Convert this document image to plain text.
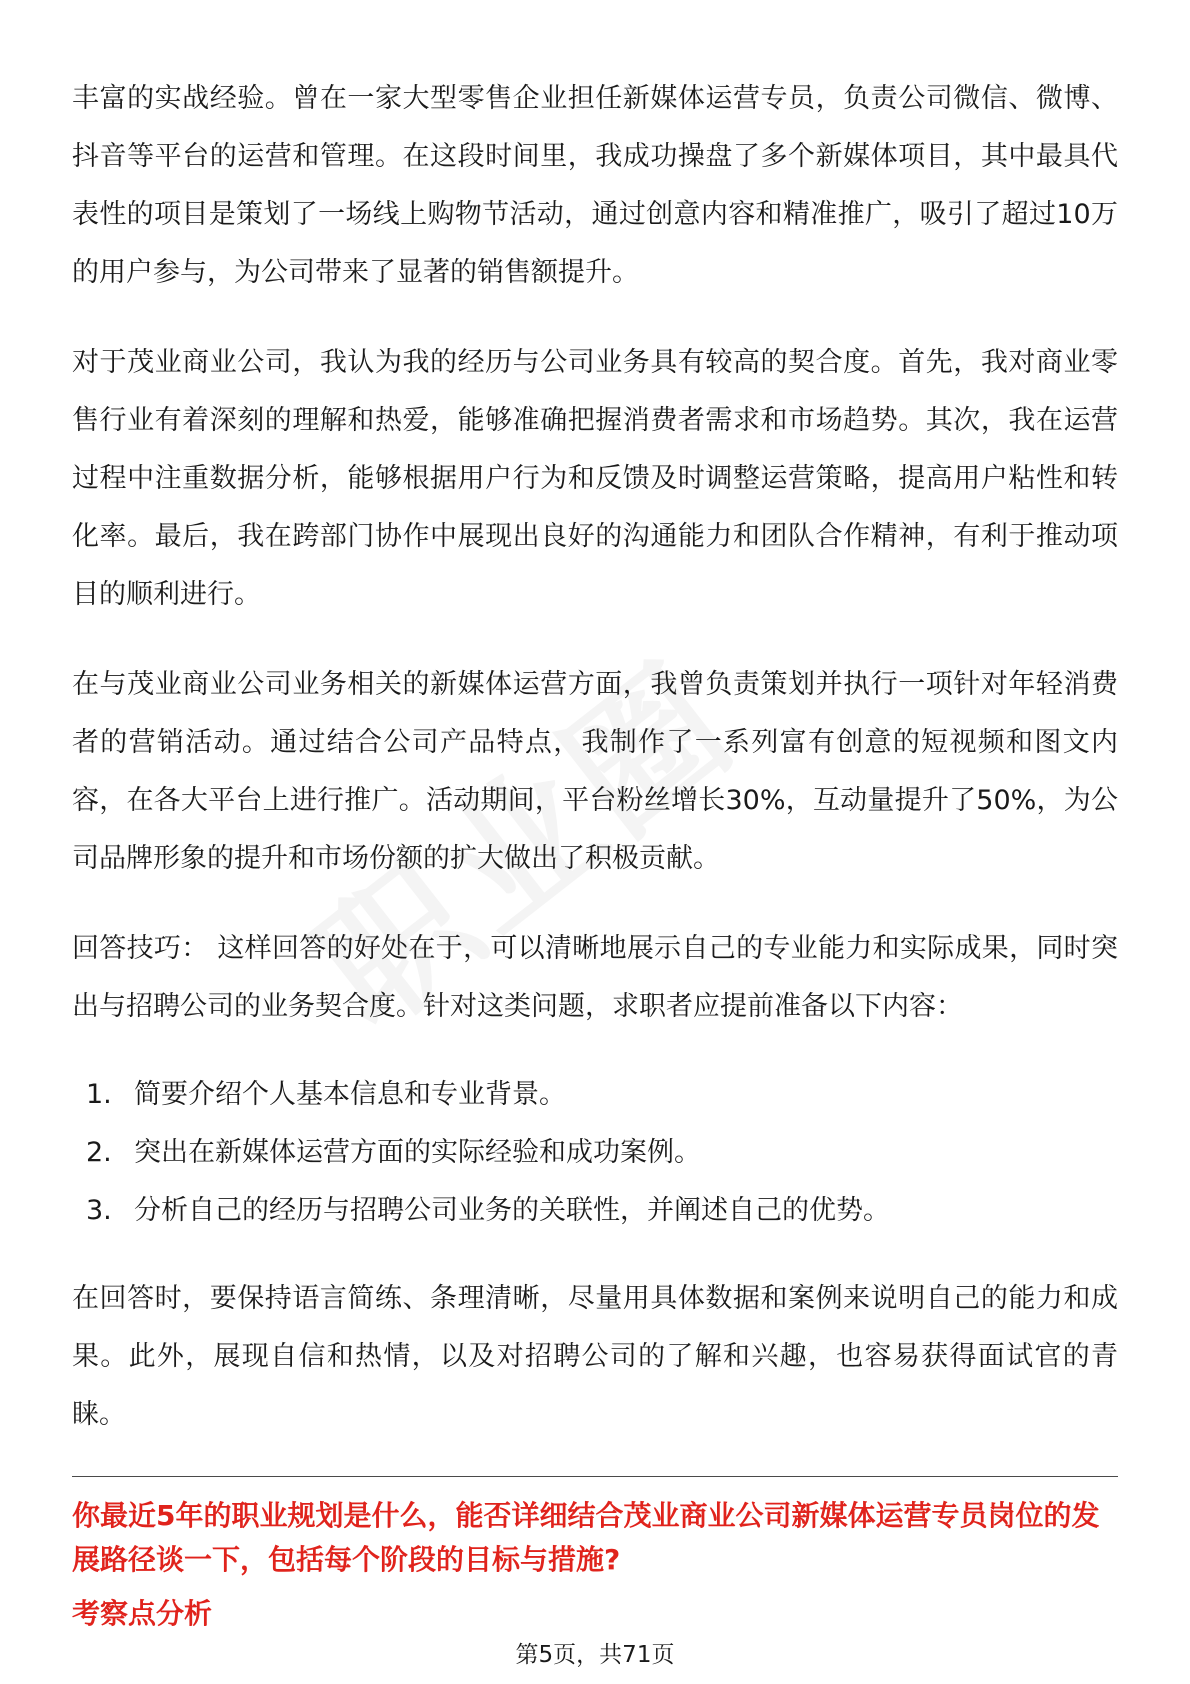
丰富的实战经验。曾在一家大型零售企业担任新媒体运营专员，负责公司微信、微博、抖音等平台的运营和管理。在这段时间里，我成功操盘了多个新媒体项目，其中最具代表性的项目是策划了一场线上购物节活动，通过创意内容和精准推广，吸引了超过10万的用户参与，为公司带来了显著的销售额提升。

对于茂业商业公司，我认为我的经历与公司业务具有较高的契合度。首先，我对商业零售行业有着深刻的理解和热爱，能够准确把握消费者需求和市场趋势。其次，我在运营过程中注重数据分析，能够根据用户行为和反馈及时调整运营策略，提高用户粘性和转化率。最后，我在跨部门协作中展现出良好的沟通能力和团队合作精神，有利于推动项目的顺利进行。

在与茂业商业公司业务相关的新媒体运营方面，我曾负责策划并执行一项针对年轻消费者的营销活动。通过结合公司产品特点，我制作了一系列富有创意的短视频和图文内容，在各大平台上进行推广。活动期间，平台粉丝增长30%，互动量提升了50%，为公司品牌形象的提升和市场份额的扩大做出了积极贡献。

回答技巧： 这样回答的好处在于，可以清晰地展示自己的专业能力和实际成果，同时突出与招聘公司的业务契合度。针对这类问题，求职者应提前准备以下内容：

1. 简要介绍个人基本信息和专业背景。
2. 突出在新媒体运营方面的实际经验和成功案例。
3. 分析自己的经历与招聘公司业务的关联性，并阐述自己的优势。

在回答时，要保持语言简练、条理清晰，尽量用具体数据和案例来说明自己的能力和成果。此外，展现自信和热情，以及对招聘公司的了解和兴趣，也容易获得面试官的青睐。

你最近5年的职业规划是什么，能否详细结合茂业商业公司新媒体运营专员岗位的发展路径谈一下，包括每个阶段的目标与措施?

考察点分析

第5页，共71页
